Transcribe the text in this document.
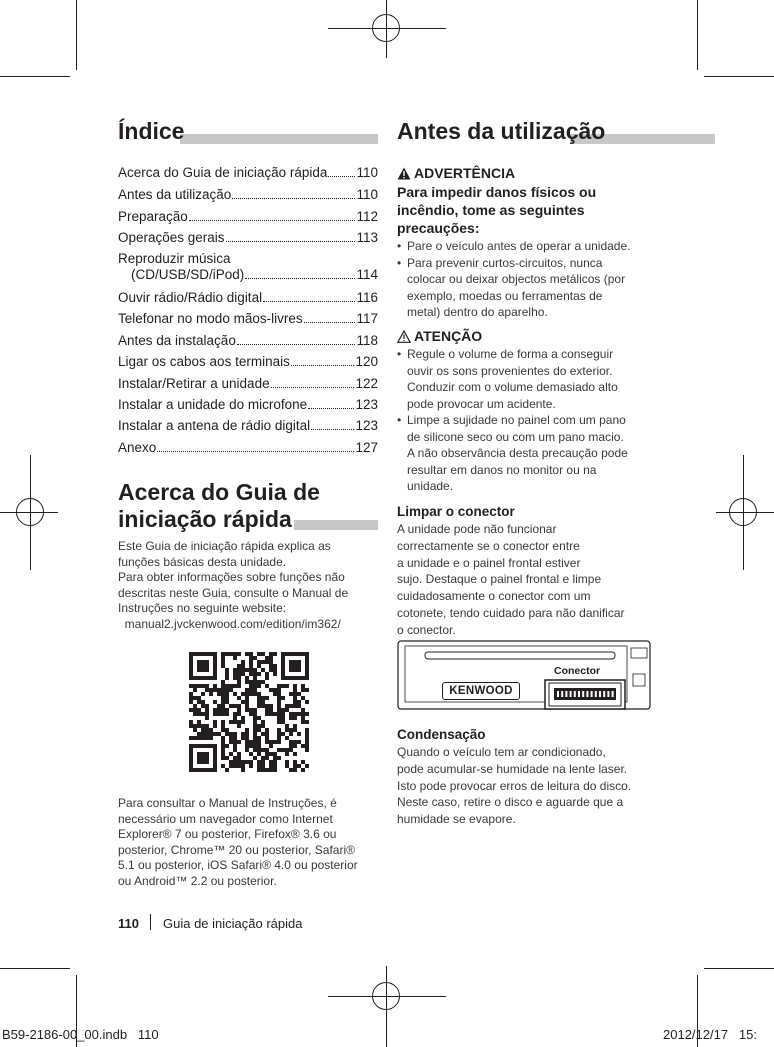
Índice
Acerca do Guia de iniciação rápida 110
Antes da utilização	110
Preparação	112
Operações gerais	113
Reproduzir música
(CD/USB/SD/iPod)	114
Ouvir rádio/Rádio digital	116
Telefonar no modo mãos-livres	117
Antes da instalação	118
Ligar os cabos aos terminais	120
Instalar/Retirar a unidade	122
Instalar a unidade do microfone	123
Instalar a antena de rádio digital	123
Anexo	127
Acerca do Guia de
iniciação rápida
Este Guia de iniciação rápida explica as
funções básicas desta unidade.
Para obter informações sobre funções não
descritas neste Guia, consulte o Manual de
Instruções no seguinte website:
manual2.jvckenwood.com/edition/im362/
Para consultar o Manual de Instruções, é
necessário um navegador como Internet
Explorer® 7 ou posterior, Firefox® 3.6 ou
posterior, Chrome™ 20 ou posterior, Safari®
5.1 ou posterior, iOS Safari® 4.0 ou posterior
ou Android™ 2.2 ou posterior.
Antes da utilização
ADVERTÊNCIA
Para impedir danos físicos ou
incêndio, tome as seguintes
precauções:
• Pare o veículo antes de operar a unidade.
• Para prevenir curtos-circuitos, nunca
colocar ou deixar objectos metálicos (por
exemplo, moedas ou ferramentas de
metal) dentro do aparelho.
ATENÇÃO
• Regule o volume de forma a conseguir
ouvir os sons provenientes do exterior.
Conduzir com o volume demasiado alto
pode provocar um acidente.
• Limpe a sujidade no painel com um pano
de silicone seco ou com um pano macio.
A não observância desta precaução pode
resultar em danos no monitor ou na
unidade.
Limpar o conector
A unidade pode não funcionar
correctamente se o conector entre
a unidade e o painel frontal estiver
sujo. Destaque o painel frontal e limpe
cuidadosamente o conector com um
cotonete, tendo cuidado para não danificar
o conector.
KENWOOD
Conector
Condensação
Quando o veículo tem ar condicionado,
pode acumular-se humidade na lente laser.
Isto pode provocar erros de leitura do disco.
Neste caso, retire o disco e aguarde que a
humidade se evapore.
110 Guia de iniciação rápida
B59-2186-00_00.indb   110	2012/12/17   15:
